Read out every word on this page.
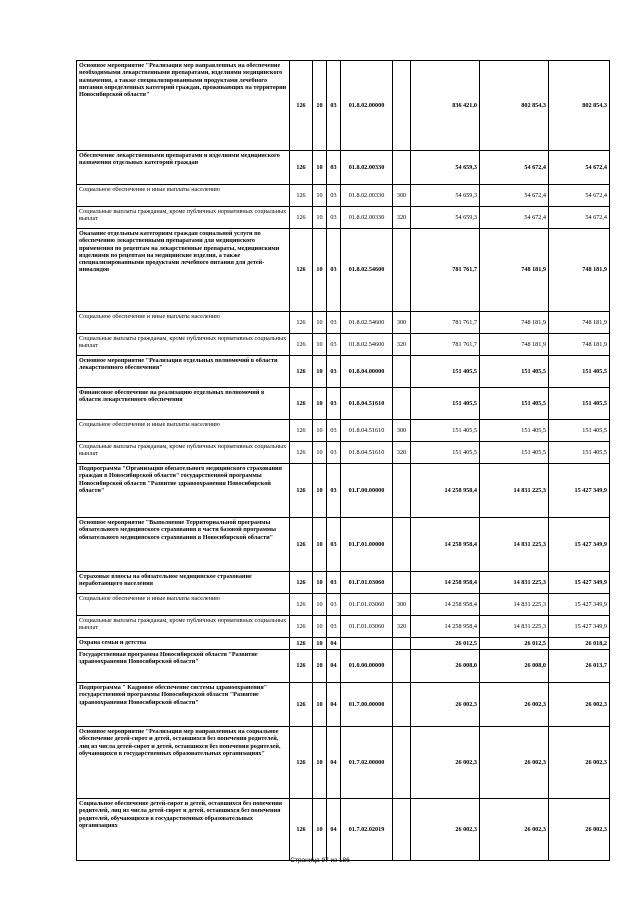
Основное мероприятие "Реализация мер направленных на обеспечение необходимыми лекарственными препаратами, изделиями медицинского назначения, а также специализированными продуктами лечебного питания определенных категорий граждан, проживающих на территории Новосибирской области"	126	10	03	01.8.02.00000		836 421,0	802 854,3	802 854,3
Обеспечение лекарственными препаратами и изделиями медицинского назначения отдельных категорий граждан	126	10	03	01.8.02.00330		54 659,3	54 672,4	54 672,4
Социальное обеспечение и иные выплаты населению	126	10	03	01.8.02.00330	300	54 659,3	54 672,4	54 672,4
Социальные выплаты гражданам, кроме публичных нормативных социальных выплат	126	10	03	01.8.02.00330	320	54 659,3	54 672,4	54 672,4
Оказание отдельным категориям граждан социальной услуги по обеспечению лекарственными препаратами для медицинского применения по рецептам на лекарственные препараты, медицинскими изделиями по рецептам на медицинские изделия, а также специализированными продуктами лечебного питания для детей-инвалидов	126	10	03	01.8.02.54600		781 761,7	748 181,9	748 181,9
Социальное обеспечение и иные выплаты населению	126	10	03	01.8.02.54600	300	781 761,7	748 181,9	748 181,9
Социальные выплаты гражданам, кроме публичных нормативных социальных выплат	126	10	03	01.8.02.54600	320	781 761,7	748 181,9	748 181,9
Основное мероприятие "Реализация отдельных полномочий в области лекарственного обеспечения"	126	10	03	01.8.04.00000		151 405,5	151 405,5	151 405,5
Финансовое обеспечение на реализацию отдельных полномочий в области лекарственного обеспечения	126	10	03	01.8.04.51610		151 405,5	151 405,5	151 405,5
Социальное обеспечение и иные выплаты населению	126	10	03	01.8.04.51610	300	151 405,5	151 405,5	151 405,5
Социальные выплаты гражданам, кроме публичных нормативных социальных выплат	126	10	03	01.8.04.51610	320	151 405,5	151 405,5	151 405,5
Подпрограмма "Организация обязательного медицинского страхования граждан в Новосибирской области" государственной программы Новосибирской области "Развитие здравоохранения Новосибирской области"	126	10	03	01.Г.00.00000		14 258 958,4	14 831 225,3	15 427 349,9
Основное мероприятие "Выполнение Территориальной программы обязательного медицинского страхования в части базовой программы обязательного медицинского страхования в Новосибирской области"	126	10	03	01.Г.01.00000		14 258 958,4	14 831 225,3	15 427 349,9
Страховые взносы на обязательное медицинское страхование неработающего населения	126	10	03	01.Г.01.03060		14 258 958,4	14 831 225,3	15 427 349,9
Социальное обеспечение и иные выплаты населению	126	10	03	01.Г.01.03060	300	14 258 958,4	14 831 225,3	15 427 349,9
Социальные выплаты гражданам, кроме публичных нормативных социальных выплат	126	10	03	01.Г.01.03060	320	14 258 958,4	14 831 225,3	15 427 349,9
Охрана семьи и детства	126	10	04			26 012,5	26 012,5	26 018,2
Государственная программа Новосибирской области "Развитие здравоохранения Новосибирской области"	126	10	04	01.0.00.00000		26 008,0	26 008,0	26 013,7
Подпрограмма " Кадровое обеспечение системы здравоохранения" государственной программы Новосибирской области "Развитие здравоохранения Новосибирской области"	126	10	04	01.7.00.00000		26 002,3	26 002,3	26 002,3
Основное мероприятие "Реализация мер направленных на социальное обеспечение детей-сирот и детей, оставшихся без попечения родителей, лиц из числа детей-сирот и детей, оставшихся без попечения родителей, обучающихся в государственных образовательных организациях"	126	10	04	01.7.02.00000		26 002,3	26 002,3	26 002,3
Социальное обеспечение детей-сирот и детей, оставшихся без попечения родителей, лиц из числа детей-сирот и детей, оставшихся без попечения родителей, обучающихся в государственных образовательных организациях	126	10	04	01.7.02.02019		26 002,3	26 002,3	26 002,3
Страница 97 из 186
